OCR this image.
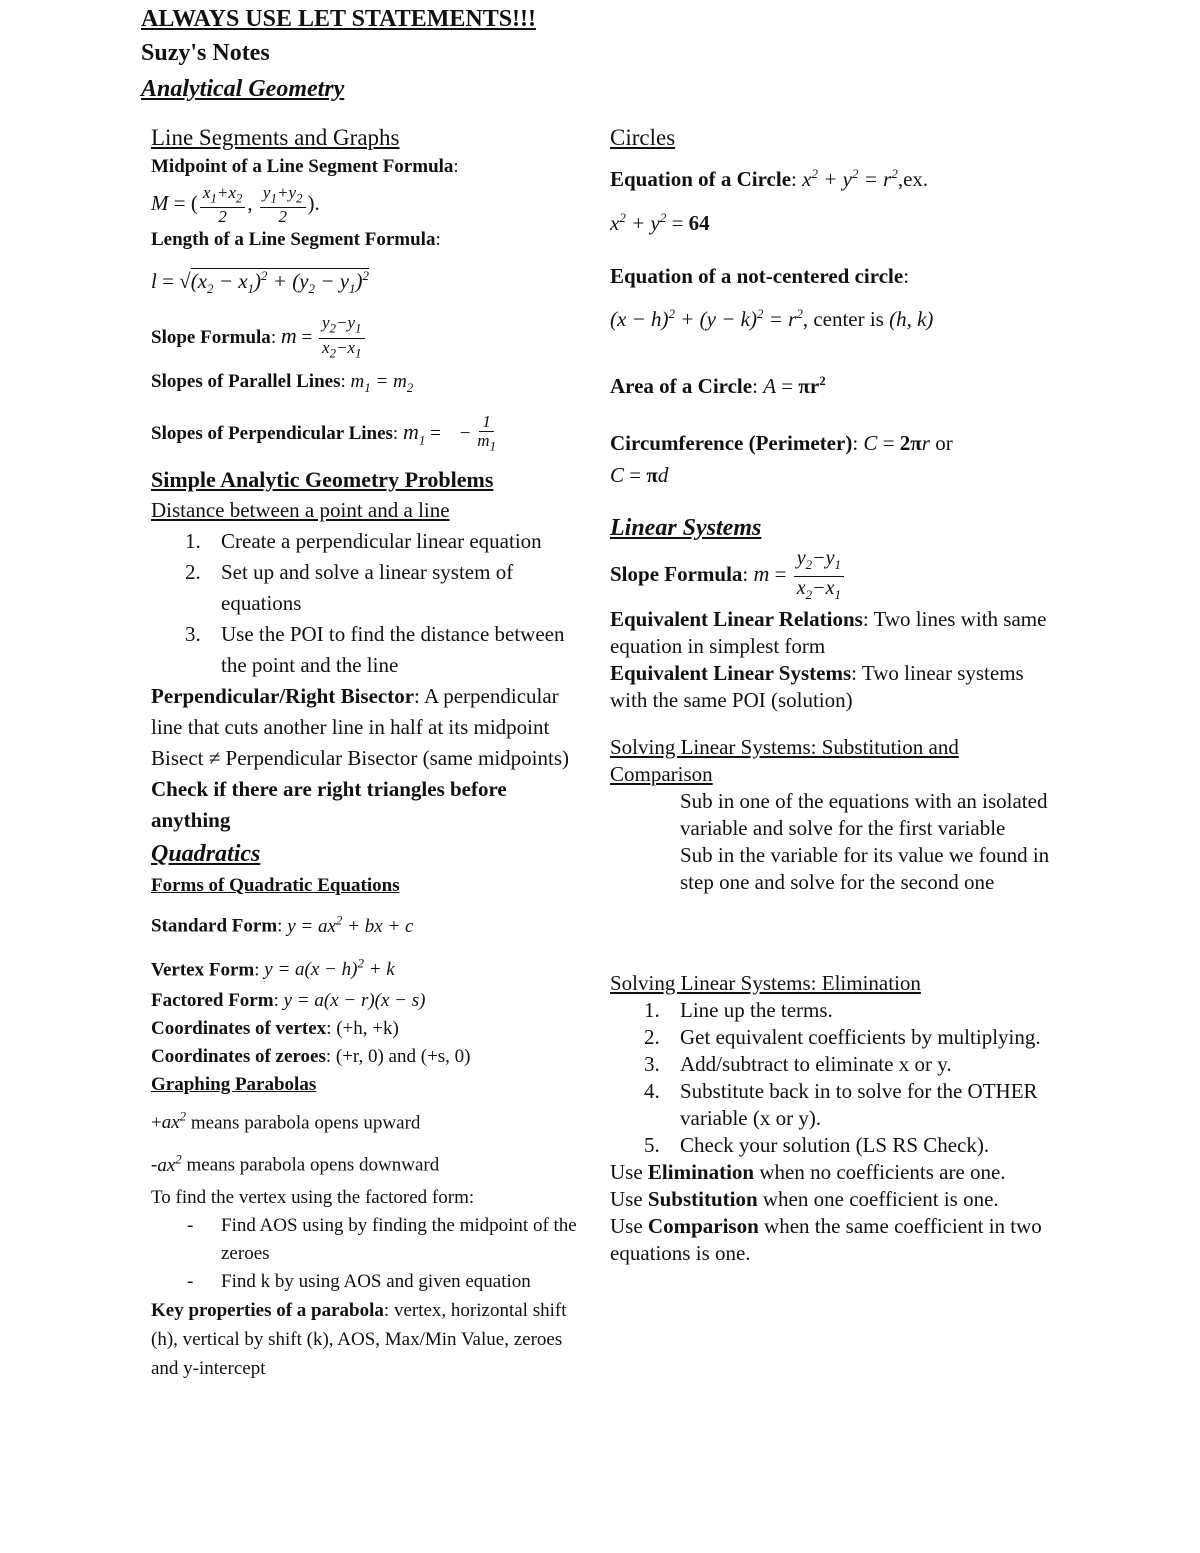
ALWAYS USE LET STATEMENTS!!!
Suzy's Notes
Analytical Geometry
Line Segments and Graphs
Midpoint of a Line Segment Formula:
M = ( $\frac{x_1+x_2}{2}$ , $\frac{y_1+y_2}{2}$ ).
Length of a Line Segment Formula:
$l = √(x_2 - x_1)^2 + (y_2 - y_1)^2$
Slope Formula: $m = \frac{y_2-y_1}{x_2-x_1}$
Slopes of Parallel Lines: $m_1 = m_2$
Slopes of Perpendicular Lines: $m_1$ =    − $\frac{1}{m_1}$
Simple Analytic Geometry Problems
Distance between a point and a line
1. Create a perpendicular linear equation
2. Set up and solve a linear system of equations
3. Use the POI to find the distance between the point and the line
Perpendicular/Right Bisector: A perpendicular line that cuts another line in half at its midpoint
Bisect ≠ Perpendicular Bisector (same midpoints)
Check if there are right triangles before anything
Quadratics
Forms of Quadratic Equations
Standard Form: $y = ax^2$ + bx + c
Vertex Form: $y = a(x - h)^2 + k$
Factored Form: y = a(x − r)(x − s)
Coordinates of vertex: (+h, +k)
Coordinates of zeroes: (+r, 0) and (+s, 0)
Graphing Parabolas
$+ax^2$ means parabola opens upward
$-ax^2$ means parabola opens downward
To find the vertex using the factored form:
- Find AOS using by finding the midpoint of the zeroes
- Find k by using AOS and given equation
Key properties of a parabola: vertex, horizontal shift (h), vertical by shift (k), AOS, Max/Min Value, zeroes and y-intercept
Circles
Equation of a Circle: $x^2 + y^2 = r^2,ex$.
$x^2 + y^2 = 64$
Equation of a not-centered circle:
$(x - h)^2 + (y - k)^2 = r^2$, center is (h, k)
Area of a Circle: $A = \pi r^2$
Circumference (Perimeter): C = 2πr or
C = πd
Linear Systems
Slope Formula: $m = \frac{y_2-y_1}{x_2-x_1}$
Equivalent Linear Relations: Two lines with same equation in simplest form
Equivalent Linear Systems: Two linear systems with the same POI (solution)
Solving Linear Systems: Substitution and Comparison
Sub in one of the equations with an isolated variable and solve for the first variable
Sub in the variable for its value we found in step one and solve for the second one
Solving Linear Systems: Elimination
1. Line up the terms.
2. Get equivalent coefficients by multiplying.
3. Add/subtract to eliminate x or y.
4. Substitute back in to solve for the OTHER variable (x or y).
5. Check your solution (LS RS Check).
Use Elimination when no coefficients are one.
Use Substitution when one coefficient is one.
Use Comparison when the same coefficient in two equations is one.
